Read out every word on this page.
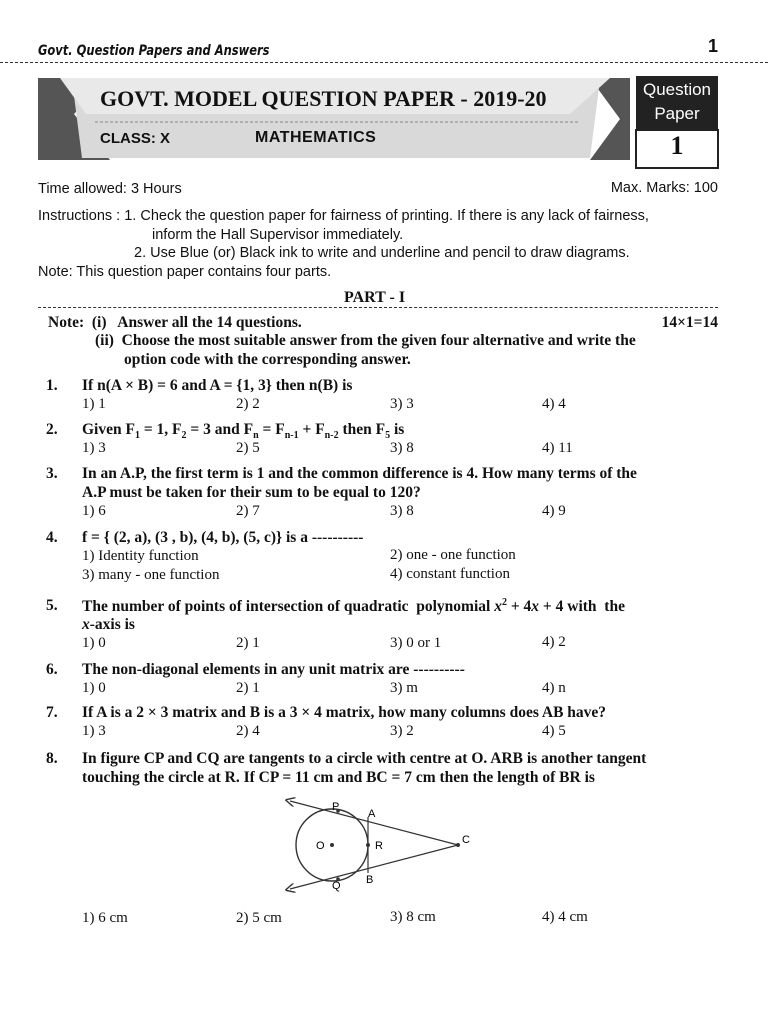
Govt. Question Papers and Answers	1
GOVT. MODEL QUESTION PAPER - 2019-20
CLASS: X	MATHEMATICS
Question
Paper
1
Time allowed: 3 Hours	Max. Marks: 100
Instructions : 1. Check the question paper for fairness of printing. If there is any lack of fairness,
inform the Hall Supervisor immediately.
2. Use Blue (or) Black ink to write and underline and pencil to draw diagrams.
Note: This question paper contains four parts.
PART - I
Note:  (i)   Answer all the 14 questions.	14×1=14
(ii)  Choose the most suitable answer from the given four alternative and write the
option code with the corresponding answer.
1. If n(A × B) = 6 and A = {1, 3} then n(B) is
1) 1	2) 2	3) 3	4) 4
2. Given $F_1 = 1$, $F_2 = 3$ and $F_n = F_{n-1} + F_{n-2}$ then $F_5$ is
1) 3	2) 5	3) 8	4) 11
3. In an A.P, the first term is 1 and the common difference is 4. How many terms of the
A.P must be taken for their sum to be equal to 120?
1) 6	2) 7	3) 8	4) 9
4. f = { (2, a), (3 , b), (4, b), (5, c)} is a ----------
1) Identity function	2) one - one function
3) many - one function	4) constant function
5. The number of points of intersection of quadratic  polynomial $x^2 + 4x + 4$ with  the
x-axis is
1) 0	2) 1	3) 0 or 1	4) 2
6. The non-diagonal elements in any unit matrix are ----------
1) 0	2) 1	3) m	4) n
7. If A is a 2 × 3 matrix and B is a 3 × 4 matrix, how many columns does AB have?
1) 3	2) 4	3) 2	4) 5
8. In figure CP and CQ are tangents to a circle with centre at O. ARB is another tangent
touching the circle at R. If CP = 11 cm and BC = 7 cm then the length of BR is
1) 6 cm	2) 5 cm	3) 8 cm	4) 4 cm
P
A
O	R	C
Q B
